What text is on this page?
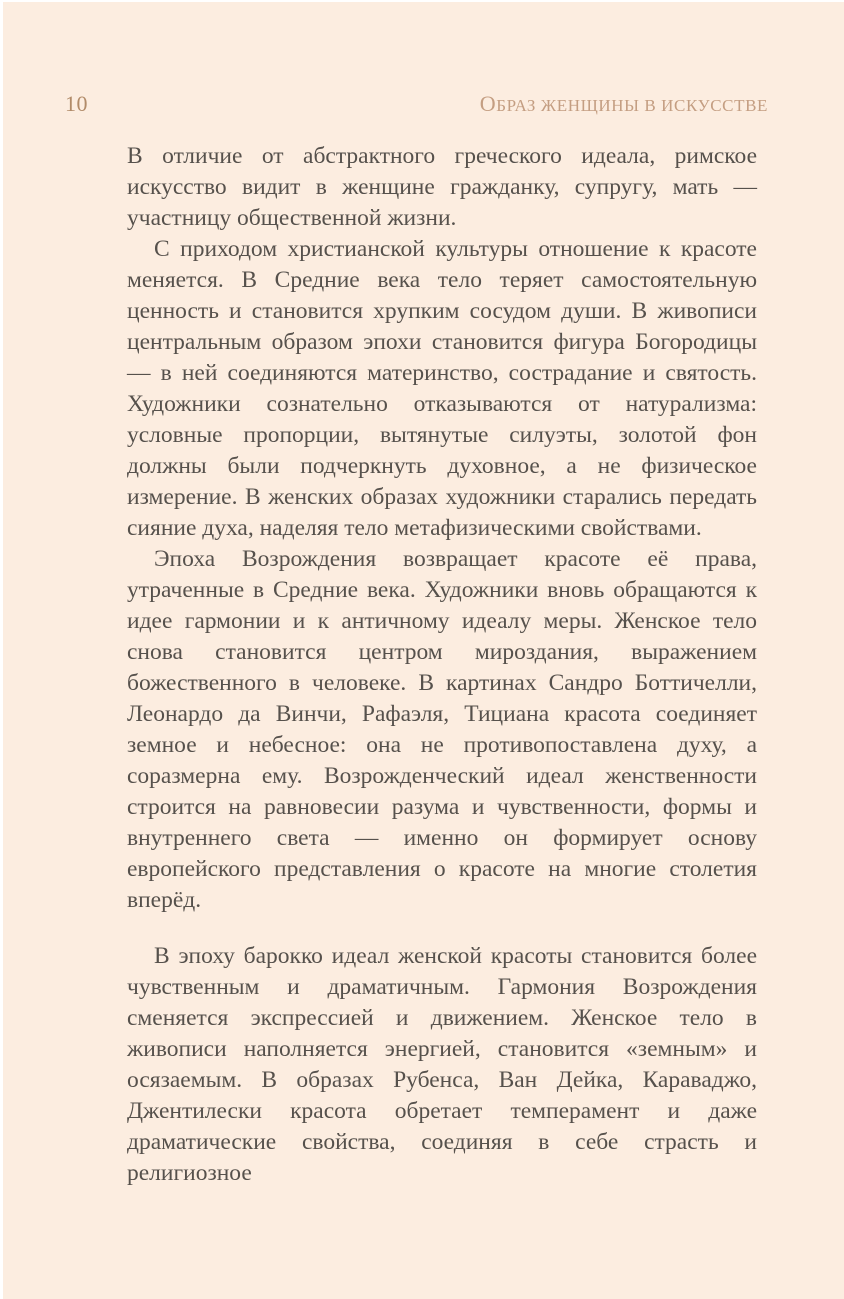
10	ОБРАЗ ЖЕНЩИНЫ В ИСКУССТВЕ

В отличие от абстрактного греческого идеала, римское искусство видит в женщине гражданку, супругу, мать — участницу общественной жизни.

С приходом христианской культуры отношение к красоте меняется. В Средние века тело теряет самостоятельную ценность и становится хрупким сосудом души. В живописи центральным образом эпохи становится фигура Богородицы — в ней соединяются материнство, сострадание и святость. Художники сознательно отказываются от натурализма: условные пропорции, вытянутые силуэты, золотой фон должны были подчеркнуть духовное, а не физическое измерение. В женских образах художники старались передать сияние духа, наделяя тело метафизическими свойствами.

Эпоха Возрождения возвращает красоте её права, утраченные в Средние века. Художники вновь обращаются к идее гармонии и к античному идеалу меры. Женское тело снова становится центром мироздания, выражением божественного в человеке. В картинах Сандро Боттичелли, Леонардо да Винчи, Рафаэля, Тициана красота соединяет земное и небесное: она не противопоставлена духу, а соразмерна ему. Возрожденческий идеал женственности строится на равновесии разума и чувственности, формы и внутреннего света — именно он формирует основу европейского представления о красоте на многие столетия вперёд.

В эпоху барокко идеал женской красоты становится более чувственным и драматичным. Гармония Возрождения сменяется экспрессией и движением. Женское тело в живописи наполняется энергией, становится «земным» и осязаемым. В образах Рубенса, Ван Дейка, Караваджо, Джентилески красота обретает темперамент и даже драматические свойства, соединяя в себе страсть и религиозное
